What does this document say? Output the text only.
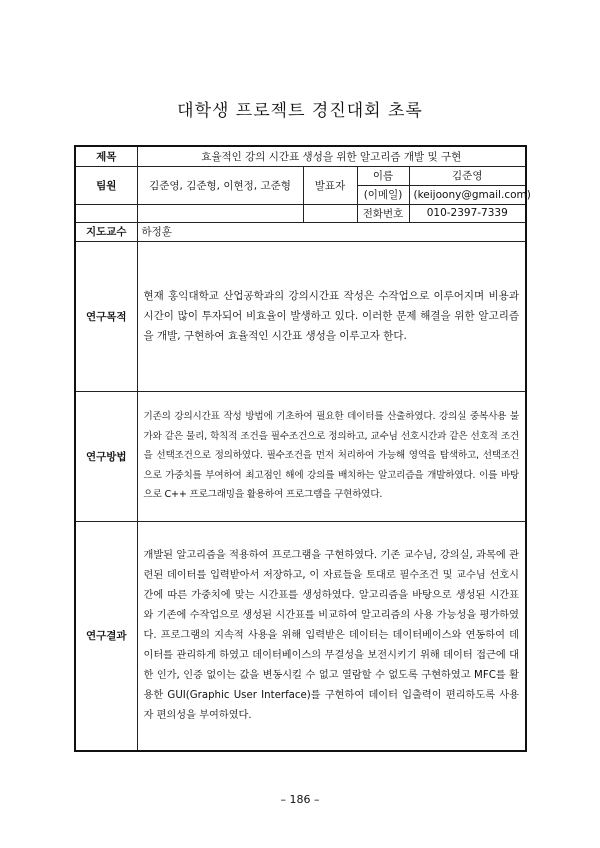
대학생 프로젝트 경진대회 초록
제목	효율적인 강의 시간표 생성을 위한 알고리즘 개발 및 구현			
팀원	김준영, 김준형, 이현정, 고준형	발표자	이름	김준영
			(이메일)	(keijoony@gmail.com)
			전화번호	010-2397-7339
지도교수	하정훈			
연구목적	현재 홍익대학교 산업공학과의 강의시간표 작성은 수작업으로 이루어지며 비용과 시간이 많이 투자되어 비효율이 발생하고 있다. 이러한 문제 해결을 위한 알고리즘을 개발, 구현하여 효율적인 시간표 생성을 이루고자 한다.			
연구방법	기존의 강의시간표 작성 방법에 기초하여 필요한 데이터를 산출하였다. 강의실 중복사용 불가와 같은 물리, 학칙적 조건을 필수조건으로 정의하고, 교수님 선호시간과 같은 선호적 조건을 선택조건으로 정의하였다. 필수조건을 먼저 처리하여 가능해 영역을 탐색하고, 선택조건으로 가중치를 부여하여 최고점인 해에 강의를 배치하는 알고리즘을 개발하였다. 이를 바탕으로 C++ 프로그래밍을 활용하여 프로그램을 구현하였다.			
연구결과	개발된 알고리즘을 적용하여 프로그램을 구현하였다. 기존 교수님, 강의실, 과목에 관련된 데이터를 입력받아서 저장하고, 이 자료들을 토대로 필수조건 및 교수님 선호시간에 따른 가중치에 맞는 시간표를 생성하였다. 알고리즘을 바탕으로 생성된 시간표와 기존에 수작업으로 생성된 시간표를 비교하여 알고리즘의 사용 가능성을 평가하였다. 프로그램의 지속적 사용을 위해 입력받은 데이터는 데이터베이스와 연동하여 데이터를 관리하게 하였고 데이터베이스의 무결성을 보전시키기 위해 데이터 접근에 대한 인가, 인증 없이는 값을 변동시킬 수 없고 열람할 수 없도록 구현하였고 MFC를 활용한 GUI(Graphic User Interface)를 구현하여 데이터 입출력이 편리하도록 사용자 편의성을 부여하였다.			
– 186 –
